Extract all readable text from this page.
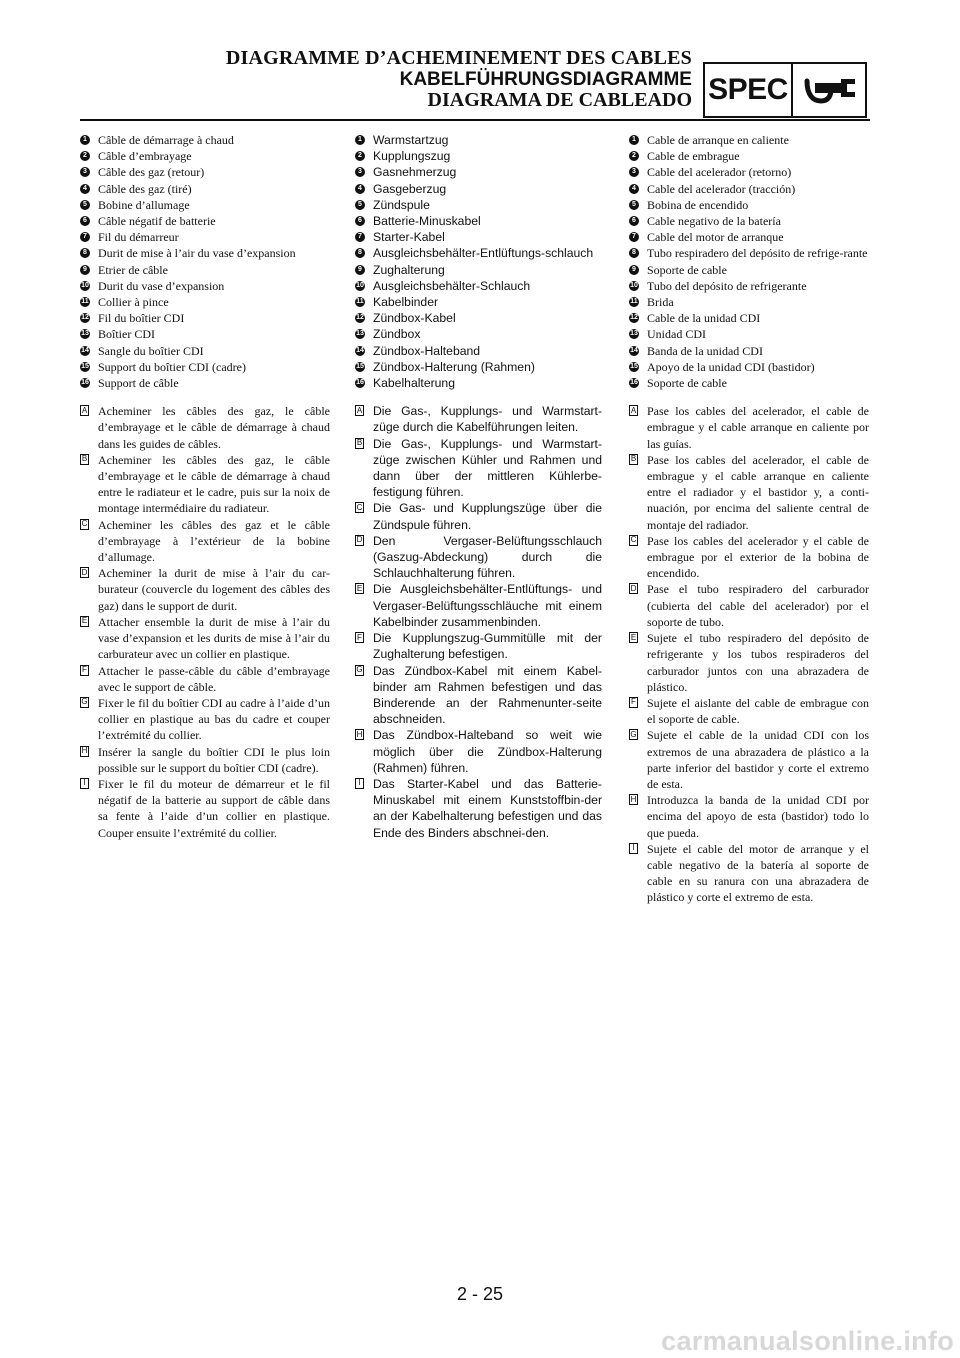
DIAGRAMME D’ACHEMINEMENT DES CABLES
KABELFÜHRUNGSDIAGRAMME
DIAGRAMA DE CABLEADO SPEC
1 Câble de démarrage à chaud
2 Câble d’embrayage
3 Câble des gaz (retour)
4 Câble des gaz (tiré)
5 Bobine d’allumage
6 Câble négatif de batterie
7 Fil du démarreur
8 Durit de mise à l’air du vase d’expansion
9 Etrier de câble
10 Durit du vase d’expansion
11 Collier à pince
12 Fil du boîtier CDI
13 Boîtier CDI
14 Sangle du boîtier CDI
15 Support du boîtier CDI (cadre)
16 Support de câble
A Acheminer les câbles des gaz, le câble d’embrayage et le câble de démarrage à chaud dans les guides de câbles.
B Acheminer les câbles des gaz, le câble d’embrayage et le câble de démarrage à chaud entre le radiateur et le cadre, puis sur la noix de montage intermédiaire du radiateur.
C Acheminer les câbles des gaz et le câble d’embrayage à l’extérieur de la bobine d’allumage.
D Acheminer la durit de mise à l’air du car-burateur (couvercle du logement des câbles des gaz) dans le support de durit.
E Attacher ensemble la durit de mise à l’air du vase d’expansion et les durits de mise à l’air du carburateur avec un collier en plastique.
F Attacher le passe-câble du câble d’embrayage avec le support de câble.
G Fixer le fil du boîtier CDI au cadre à l’aide d’un collier en plastique au bas du cadre et couper l’extrémité du collier.
H Insérer la sangle du boîtier CDI le plus loin possible sur le support du boîtier CDI (cadre).
I Fixer le fil du moteur de démarreur et le fil négatif de la batterie au support de câble dans sa fente à l’aide d’un collier en plastique. Couper ensuite l’extrémité du collier.
1 Warmstartzug
2 Kupplungszug
3 Gasnehmerzug
4 Gasgeberzug
5 Zündspule
6 Batterie-Minuskabel
7 Starter-Kabel
8 Ausgleichsbehälter-Entlüftungs-schlauch
9 Zughalterung
10 Ausgleichsbehälter-Schlauch
11 Kabelbinder
12 Zündbox-Kabel
13 Zündbox
14 Zündbox-Halteband
15 Zündbox-Halterung (Rahmen)
16 Kabelhalterung
A Die Gas-, Kupplungs- und Warmstart-züge durch die Kabelführungen leiten.
B Die Gas-, Kupplungs- und Warmstart-züge zwischen Kühler und Rahmen und dann über der mittleren Kühlerbe-festigung führen.
C Die Gas- und Kupplungszüge über die Zündspule führen.
D Den Vergaser-Belüftungsschlauch (Gaszug-Abdeckung) durch die Schlauchhalterung führen.
E Die Ausgleichsbehälter-Entlüftungs- und Vergaser-Belüftungsschläuche mit einem Kabelbinder zusammenbinden.
F Die Kupplungszug-Gummitülle mit der Zughalterung befestigen.
G Das Zündbox-Kabel mit einem Kabel-binder am Rahmen befestigen und das Binderende an der Rahmenunter-seite abschneiden.
H Das Zündbox-Halteband so weit wie möglich über die Zündbox-Halterung (Rahmen) führen.
I Das Starter-Kabel und das Batterie-Minuskabel mit einem Kunststoffbin-der an der Kabelhalterung befestigen und das Ende des Binders abschnei-den.
1 Cable de arranque en caliente
2 Cable de embrague
3 Cable del acelerador (retorno)
4 Cable del acelerador (tracción)
5 Bobina de encendido
6 Cable negativo de la batería
7 Cable del motor de arranque
8 Tubo respiradero del depósito de refrige-rante
9 Soporte de cable
10 Tubo del depósito de refrigerante
11 Brida
12 Cable de la unidad CDI
13 Unidad CDI
14 Banda de la unidad CDI
15 Apoyo de la unidad CDI (bastidor)
16 Soporte de cable
A Pase los cables del acelerador, el cable de embrague y el cable arranque en caliente por las guías.
B Pase los cables del acelerador, el cable de embrague y el cable arranque en caliente entre el radiador y el bastidor y, a conti-nuación, por encima del saliente central de montaje del radiador.
C Pase los cables del acelerador y el cable de embrague por el exterior de la bobina de encendido.
D Pase el tubo respiradero del carburador (cubierta del cable del acelerador) por el soporte de tubo.
E Sujete el tubo respiradero del depósito de refrigerante y los tubos respiraderos del carburador juntos con una abrazadera de plástico.
F Sujete el aislante del cable de embrague con el soporte de cable.
G Sujete el cable de la unidad CDI con los extremos de una abrazadera de plástico a la parte inferior del bastidor y corte el extremo de esta.
H Introduzca la banda de la unidad CDI por encima del apoyo de esta (bastidor) todo lo que pueda.
I Sujete el cable del motor de arranque y el cable negativo de la batería al soporte de cable en su ranura con una abrazadera de plástico y corte el extremo de esta.
2 - 25
carmanualsonline.info
